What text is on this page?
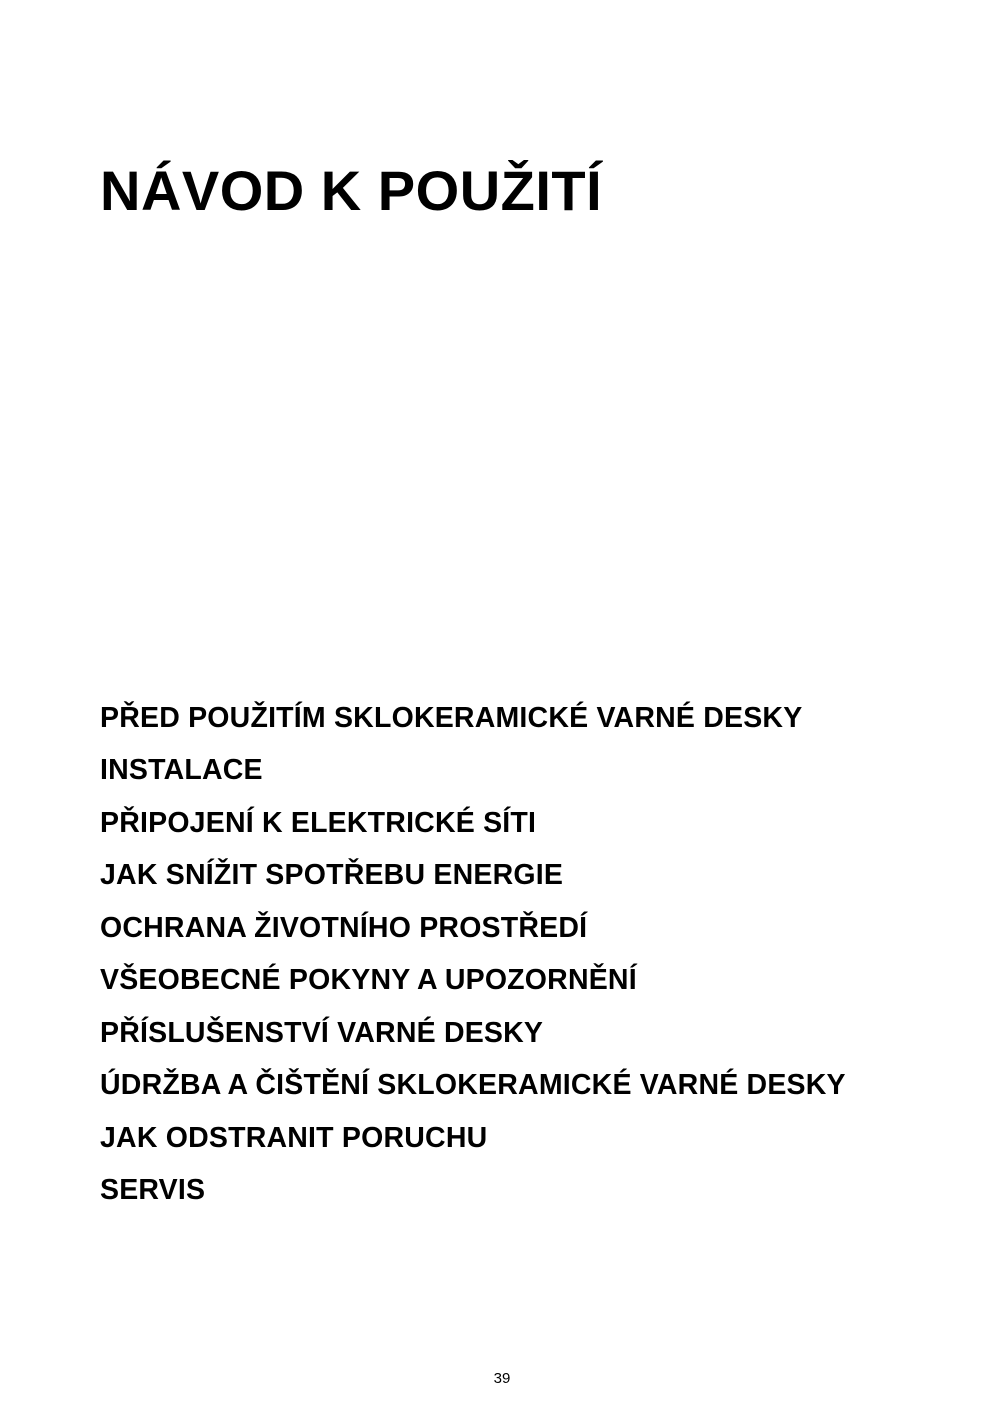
NÁVOD K POUŽITÍ
PŘED POUŽITÍM SKLOKERAMICKÉ VARNÉ DESKY
INSTALACE
PŘIPOJENÍ K ELEKTRICKÉ SÍTI
JAK SNÍŽIT SPOTŘEBU ENERGIE
OCHRANA ŽIVOTNÍHO PROSTŘEDÍ
VŠEOBECNÉ POKYNY A UPOZORNĚNÍ
PŘÍSLUŠENSTVÍ VARNÉ DESKY
ÚDRŽBA A ČIŠTĚNÍ SKLOKERAMICKÉ VARNÉ DESKY
JAK ODSTRANIT PORUCHU
SERVIS
39
